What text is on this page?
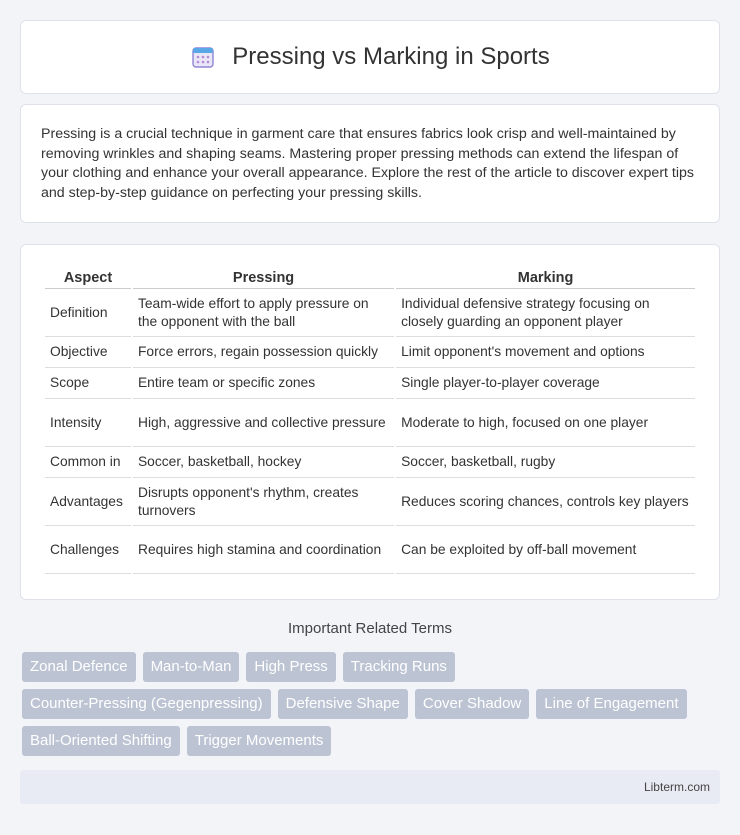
Pressing vs Marking in Sports

Pressing is a crucial technique in garment care that ensures fabrics look crisp and well-maintained by removing wrinkles and shaping seams. Mastering proper pressing methods can extend the lifespan of your clothing and enhance your overall appearance. Explore the rest of the article to discover expert tips and step-by-step guidance on perfecting your pressing skills.

Aspect	Pressing	Marking
Definition	Team-wide effort to apply pressure on the opponent with the ball	Individual defensive strategy focusing on closely guarding an opponent player
Objective	Force errors, regain possession quickly	Limit opponent's movement and options
Scope	Entire team or specific zones	Single player-to-player coverage
Intensity	High, aggressive and collective pressure	Moderate to high, focused on one player
Common in	Soccer, basketball, hockey	Soccer, basketball, rugby
Advantages	Disrupts opponent's rhythm, creates turnovers	Reduces scoring chances, controls key players
Challenges	Requires high stamina and coordination	Can be exploited by off-ball movement
Important Related Terms
Zonal Defence	Man-to-Man	High Press	Tracking Runs
Counter-Pressing (Gegenpressing)	Defensive Shape	Cover Shadow	Line of Engagement
Ball-Oriented Shifting	Trigger Movements
Libterm.com
